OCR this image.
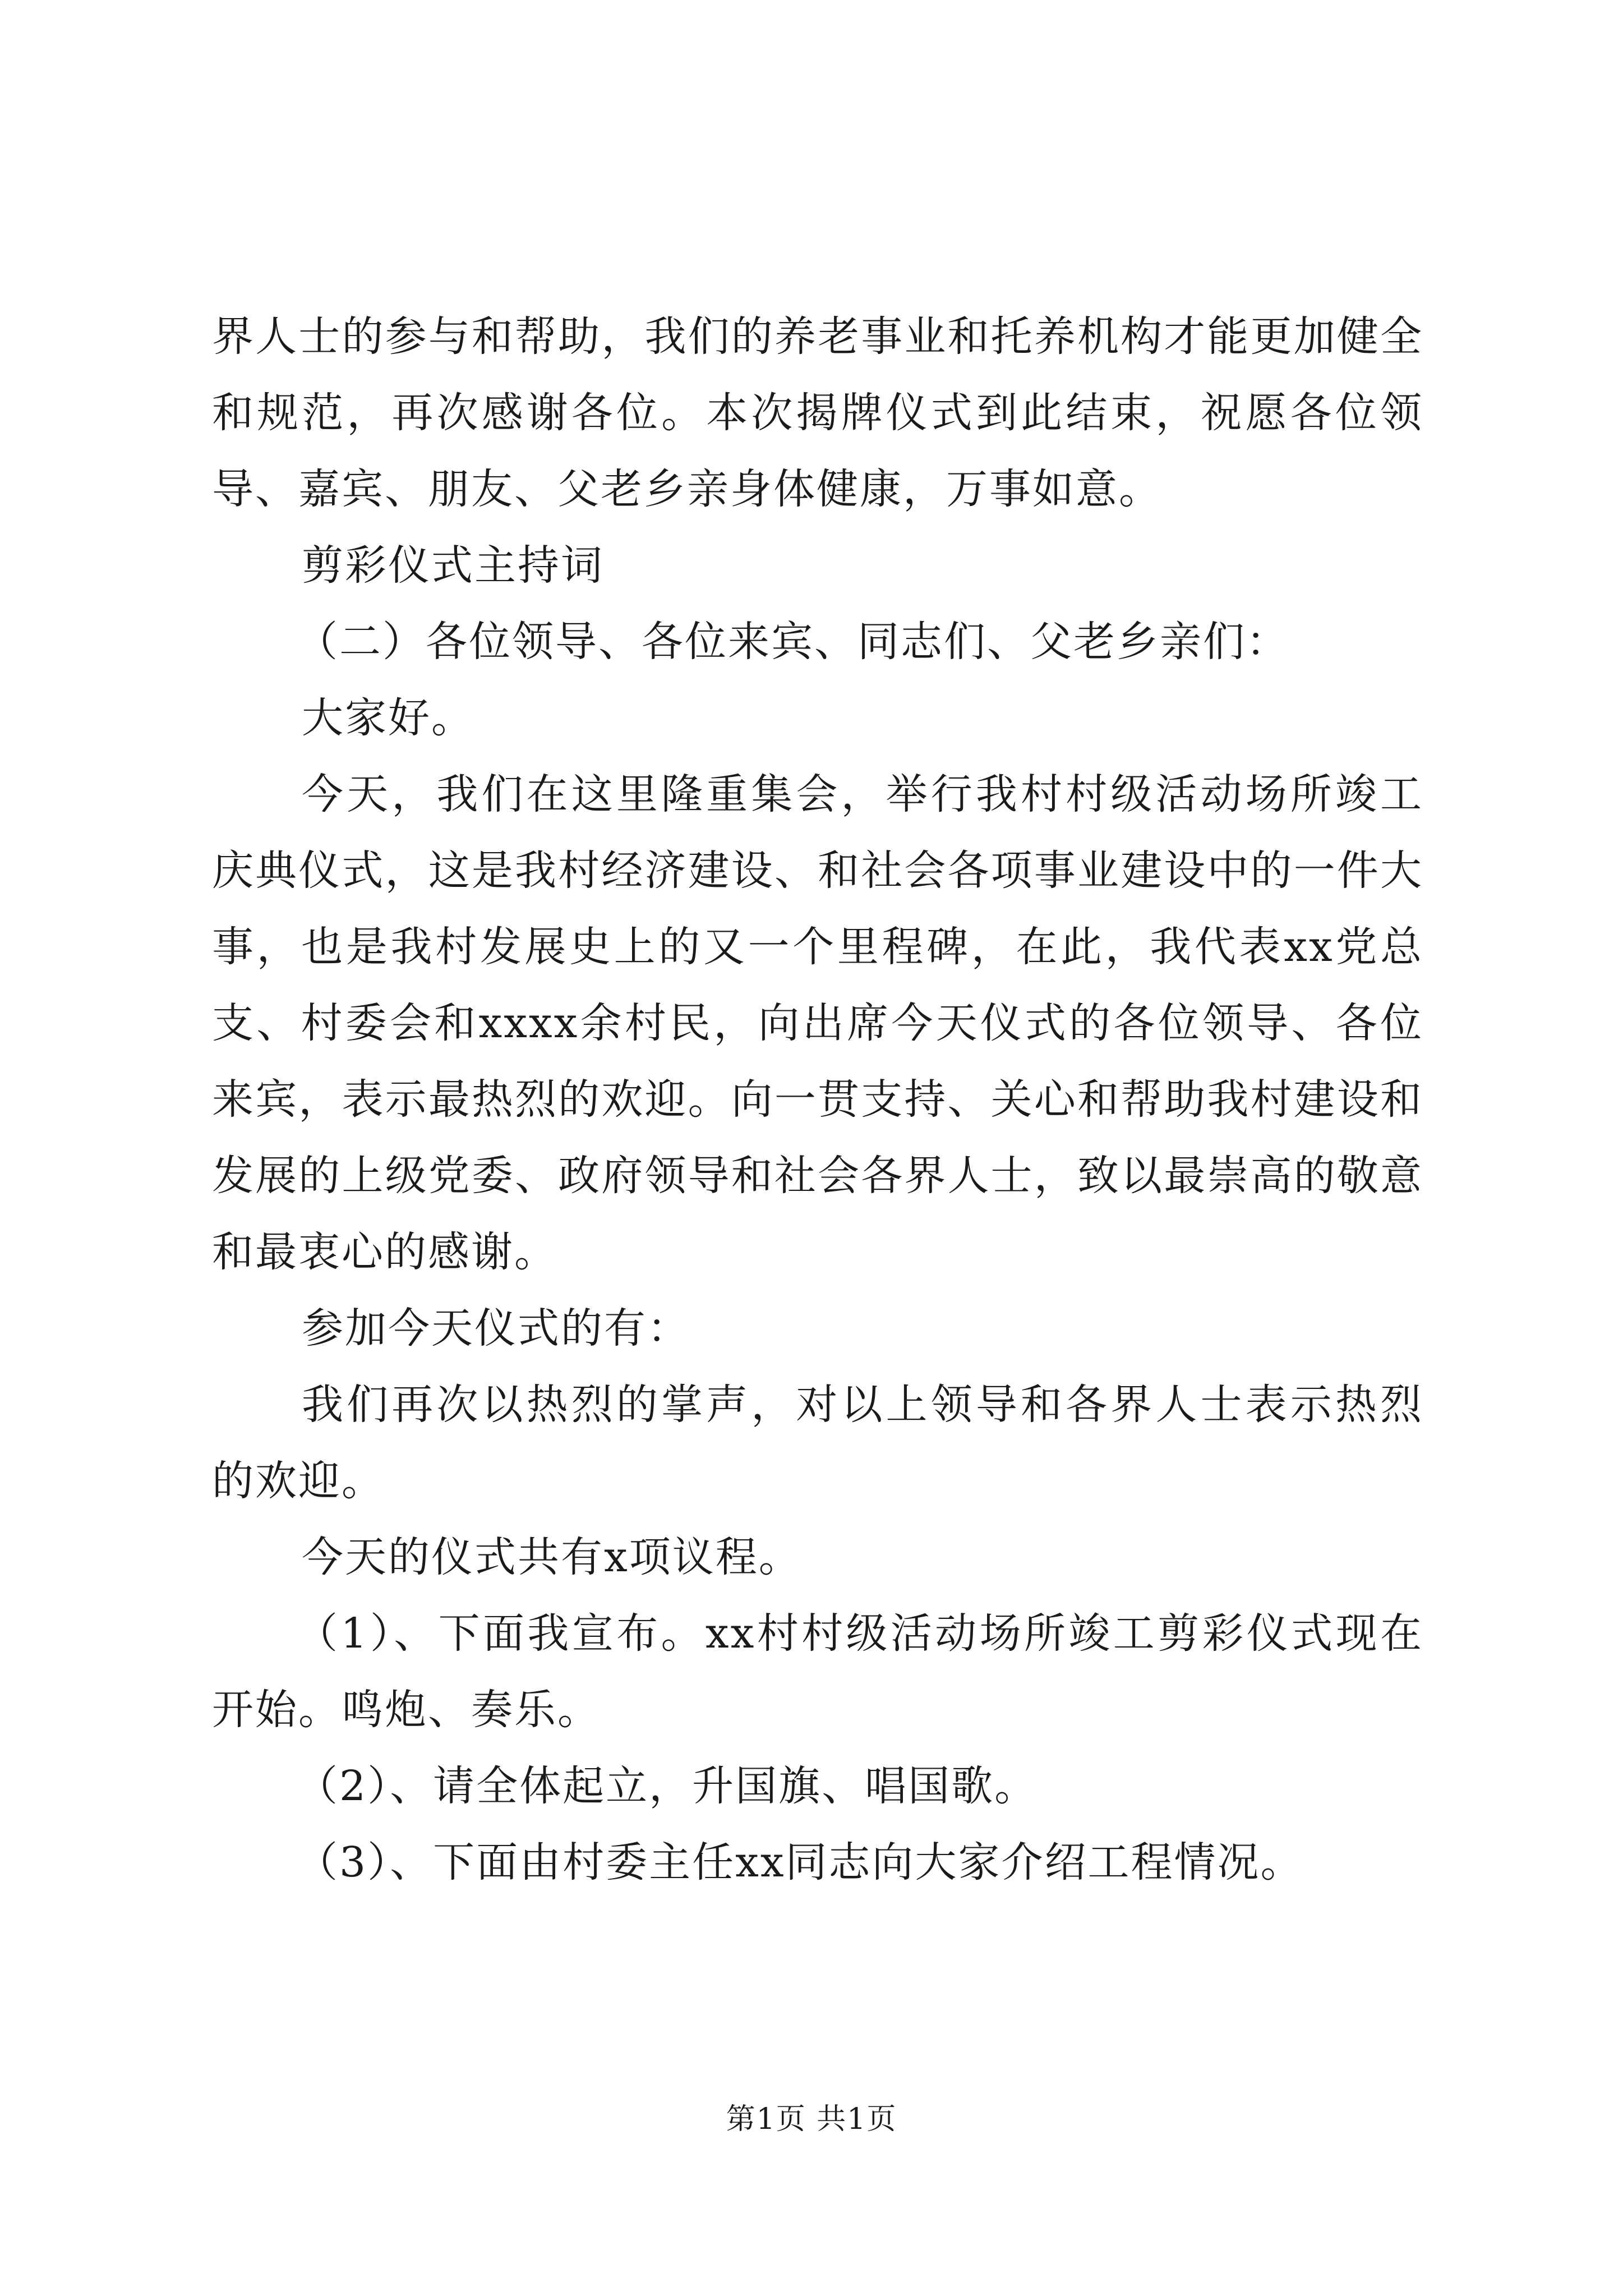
界人士的参与和帮助，我们的养老事业和托养机构才能更加健全和规范，再次感谢各位。本次揭牌仪式到此结束，祝愿各位领导、嘉宾、朋友、父老乡亲身体健康，万事如意。

剪彩仪式主持词

（二）各位领导、各位来宾、同志们、父老乡亲们：

大家好。

今天，我们在这里隆重集会，举行我村村级活动场所竣工庆典仪式，这是我村经济建设、和社会各项事业建设中的一件大事，也是我村发展史上的又一个里程碑，在此，我代表xx党总支、村委会和xxxx余村民，向出席今天仪式的各位领导、各位来宾，表示最热烈的欢迎。向一贯支持、关心和帮助我村建设和发展的上级党委、政府领导和社会各界人士，致以最崇高的敬意和最衷心的感谢。

参加今天仪式的有：

我们再次以热烈的掌声，对以上领导和各界人士表示热烈的欢迎。

今天的仪式共有x项议程。

（1）、下面我宣布。xx村村级活动场所竣工剪彩仪式现在开始。鸣炮、奏乐。

（2）、请全体起立，升国旗、唱国歌。

（3）、下面由村委主任xx同志向大家介绍工程情况。

第1页 共1页
